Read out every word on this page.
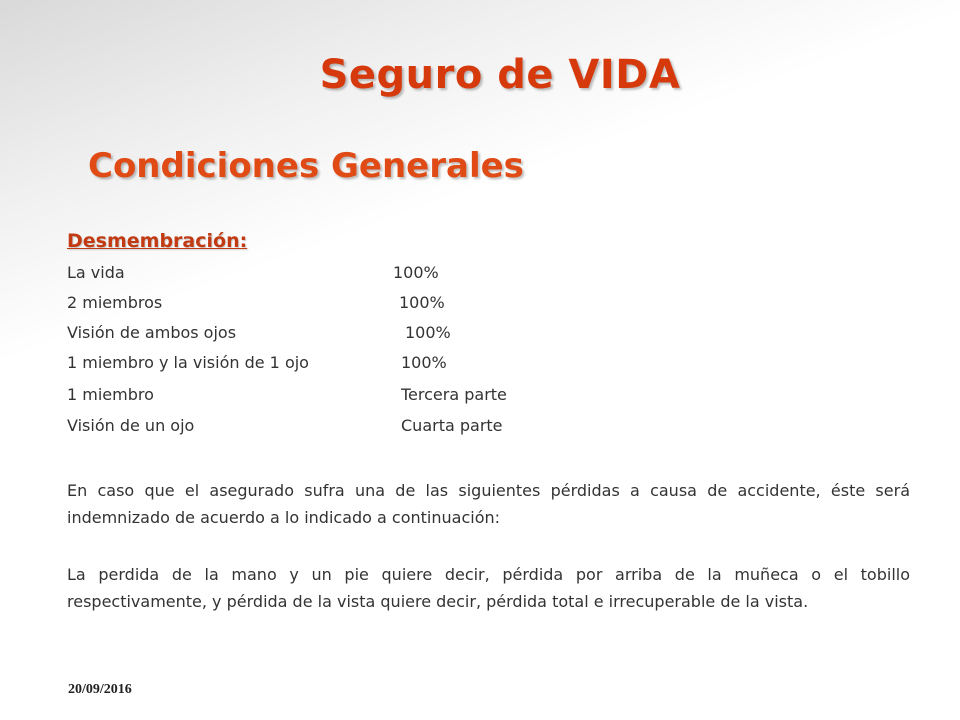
Seguro de VIDA
Condiciones Generales
Desmembración:
La vida	100%
2 miembros	100%
Visión de ambos ojos	100%
1 miembro y la visión de 1 ojo	100%
1 miembro	Tercera parte
Visión de un ojo	Cuarta parte
En caso que el asegurado sufra una de las siguientes pérdidas a causa de accidente, éste será indemnizado de acuerdo a lo indicado a continuación:
La perdida de la mano y un pie quiere decir, pérdida por arriba de la muñeca o el tobillo respectivamente, y pérdida de la vista quiere decir, pérdida total e irrecuperable de la vista.
20/09/2016
